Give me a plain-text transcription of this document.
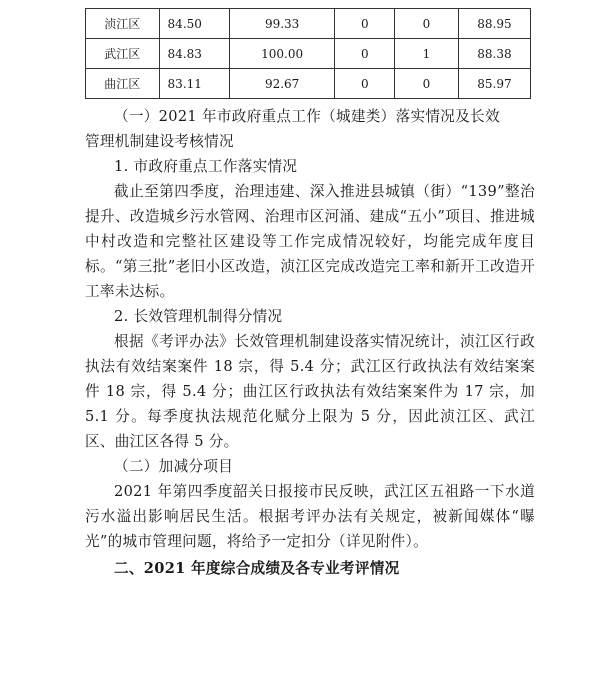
浈江区	84.50	99.33	0	0	88.95
武江区	84.83	100.00	0	1	88.38
曲江区	83.11	92.67	0	0	85.97

（一）2021 年市政府重点工作（城建类）落实情况及长效

管理机制建设考核情况

1. 市政府重点工作落实情况

截止至第四季度，治理违建、深入推进县城镇（街）“139”整治提升、改造城乡污水管网、治理市区河涌、建成“五小”项目、推进城中村改造和完整社区建设等工作完成情况较好，均能完成年度目标。“第三批”老旧小区改造，浈江区完成改造完工率和新开工改造开工率未达标。

2. 长效管理机制得分情况

根据《考评办法》长效管理机制建设落实情况统计，浈江区行政执法有效结案案件 18 宗，得 5.4 分；武江区行政执法有效结案案件 18 宗，得 5.4 分；曲江区行政执法有效结案案件为 17 宗，加 5.1 分。每季度执法规范化赋分上限为 5 分，因此浈江区、武江区、曲江区各得 5 分。

（二）加减分项目

2021 年第四季度韶关日报接市民反映，武江区五祖路一下水道污水溢出影响居民生活。根据考评办法有关规定，被新闻媒体“曝光”的城市管理问题，将给予一定扣分（详见附件）。

二、2021 年度综合成绩及各专业考评情况
